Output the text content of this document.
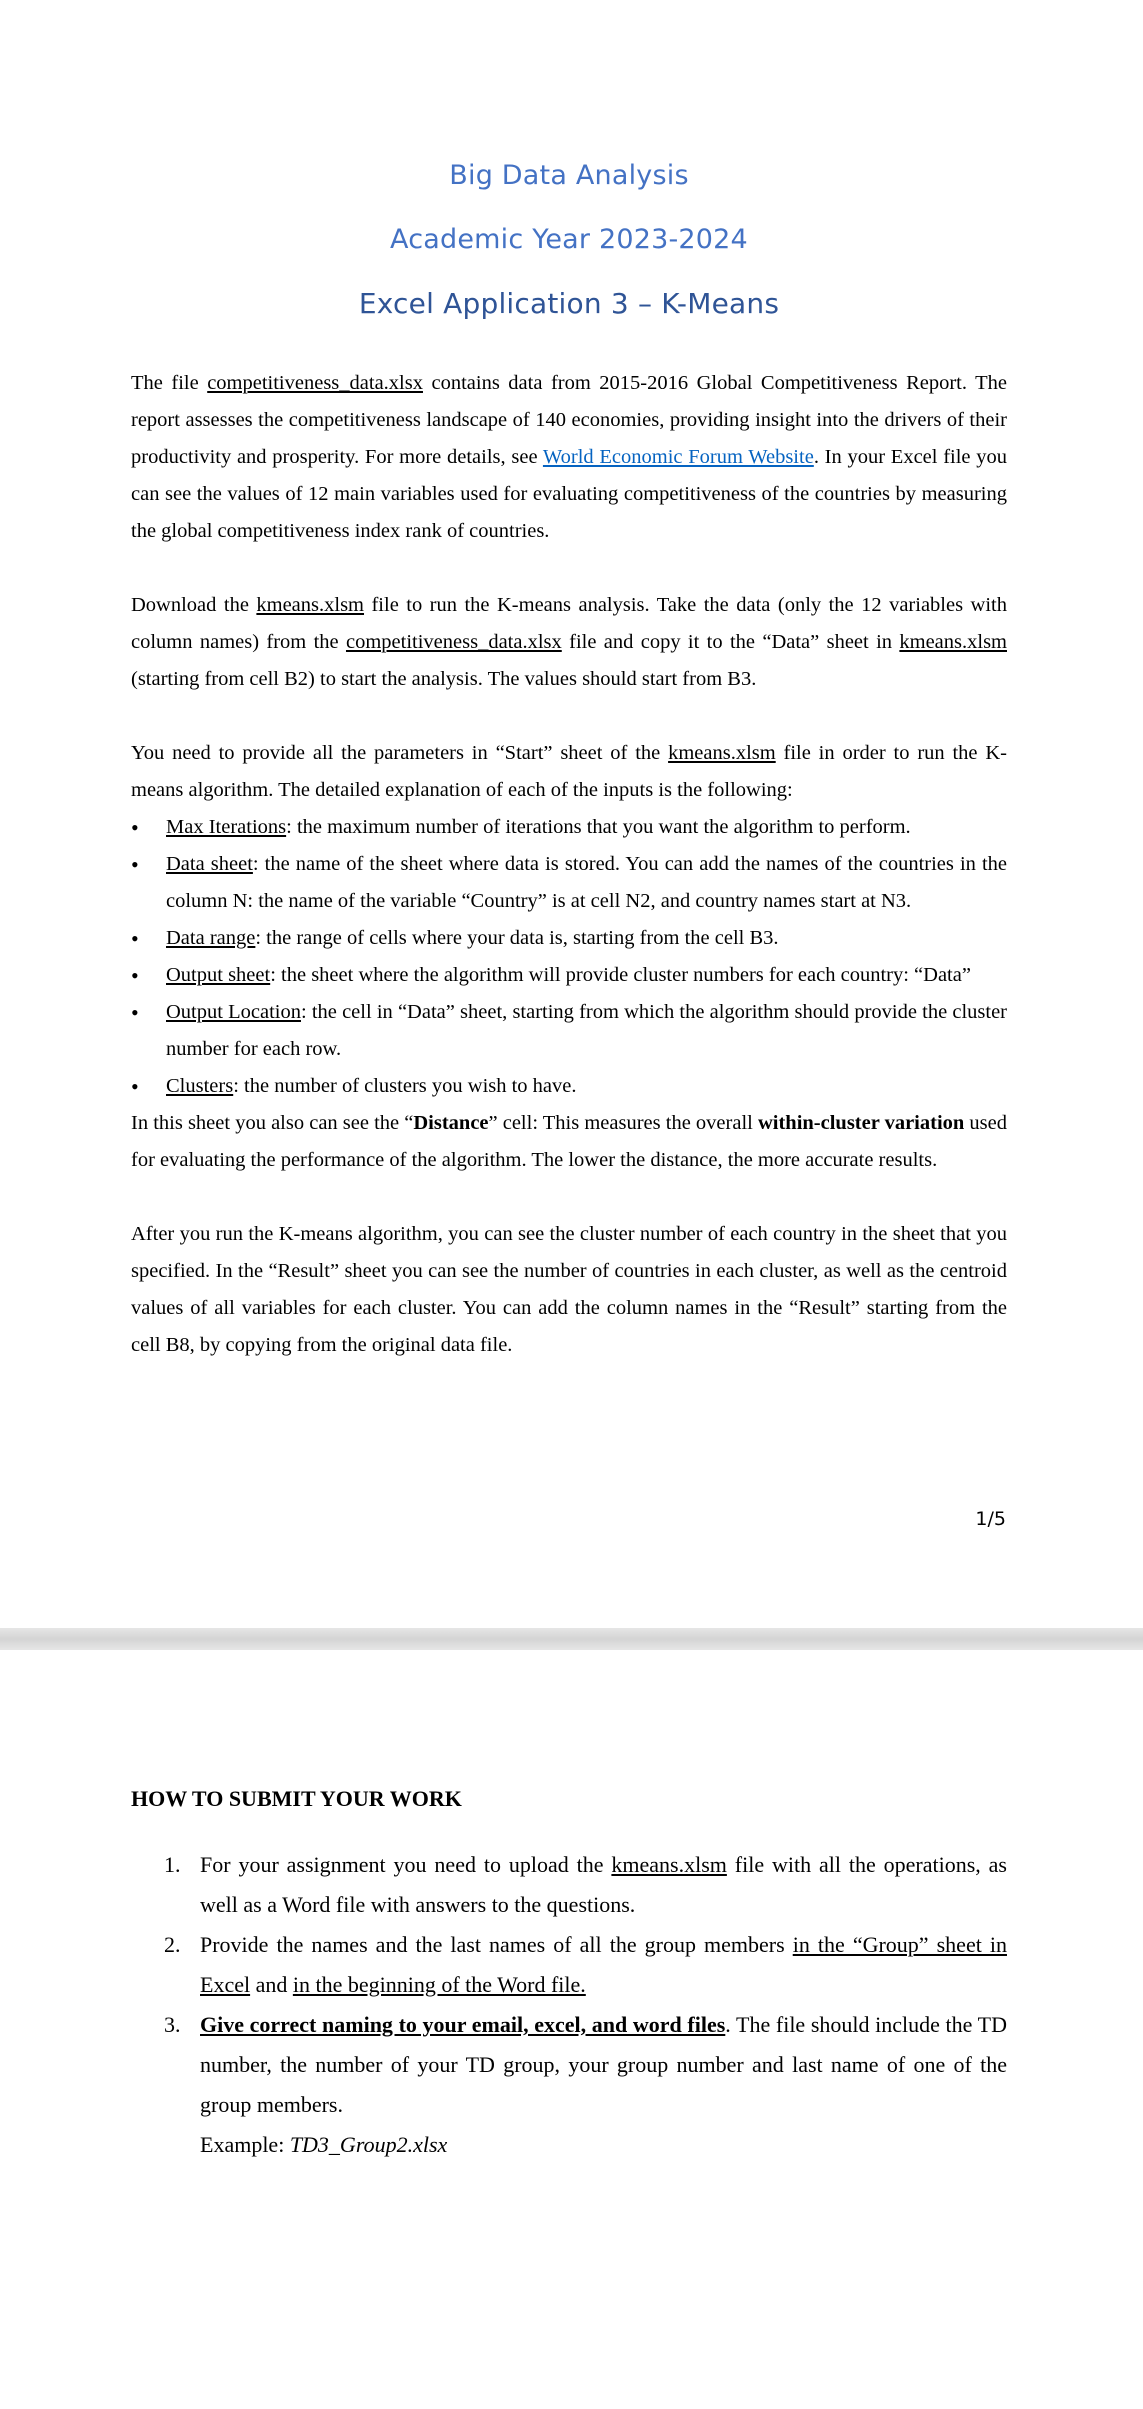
Big Data Analysis
Academic Year 2023-2024
Excel Application 3 – K-Means

The file competitiveness_data.xlsx contains data from 2015-2016 Global Competitiveness Report. The report assesses the competitiveness landscape of 140 economies, providing insight into the drivers of their productivity and prosperity. For more details, see World Economic Forum Website. In your Excel file you can see the values of 12 main variables used for evaluating competitiveness of the countries by measuring the global competitiveness index rank of countries.

Download the kmeans.xlsm file to run the K-means analysis. Take the data (only the 12 variables with column names) from the competitiveness_data.xlsx file and copy it to the “Data” sheet in kmeans.xlsm (starting from cell B2) to start the analysis. The values should start from B3.

You need to provide all the parameters in “Start” sheet of the kmeans.xlsm file in order to run the K-means algorithm. The detailed explanation of each of the inputs is the following:

• Max Iterations: the maximum number of iterations that you want the algorithm to perform.
• Data sheet: the name of the sheet where data is stored. You can add the names of the countries in the column N: the name of the variable “Country” is at cell N2, and country names start at N3.
• Data range: the range of cells where your data is, starting from the cell B3.
• Output sheet: the sheet where the algorithm will provide cluster numbers for each country: “Data”
• Output Location: the cell in “Data” sheet, starting from which the algorithm should provide the cluster number for each row.
• Clusters: the number of clusters you wish to have.

In this sheet you also can see the “Distance” cell: This measures the overall within-cluster variation used for evaluating the performance of the algorithm. The lower the distance, the more accurate results.

After you run the K-means algorithm, you can see the cluster number of each country in the sheet that you specified. In the “Result” sheet you can see the number of countries in each cluster, as well as the centroid values of all variables for each cluster. You can add the column names in the “Result” starting from the cell B8, by copying from the original data file.

1/5
HOW TO SUBMIT YOUR WORK
1. For your assignment you need to upload the kmeans.xlsm file with all the operations, as well as a Word file with answers to the questions.
2. Provide the names and the last names of all the group members in the “Group” sheet in Excel and in the beginning of the Word file.
3. Give correct naming to your email, excel, and word files. The file should include the TD number, the number of your TD group, your group number and last name of one of the group members.
Example: TD3_Group2.xlsx
